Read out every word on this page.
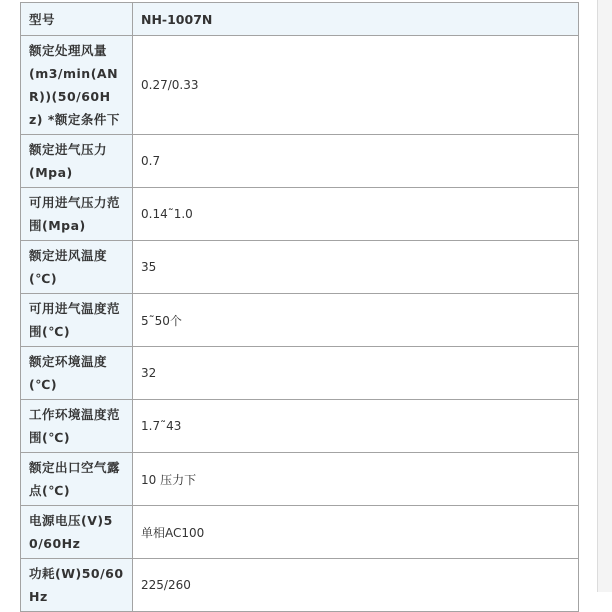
型号	NH-1007N
额定处理风量(m3/min(ANR))(50/60Hz) *额定条件下	0.27/0.33
额定进气压力(Mpa)	0.7
可用进气压力范围(Mpa)	0.14˜1.0
额定进风温度(℃)	35
可用进气温度范围(℃)	5˜50个
额定环境温度(℃)	32
工作环境温度范围(℃)	1.7˜43
额定出口空气露点(℃)	10 压力下
电源电压(V)50/60Hz	单相AC100
功耗(W)50/60Hz	225/260
